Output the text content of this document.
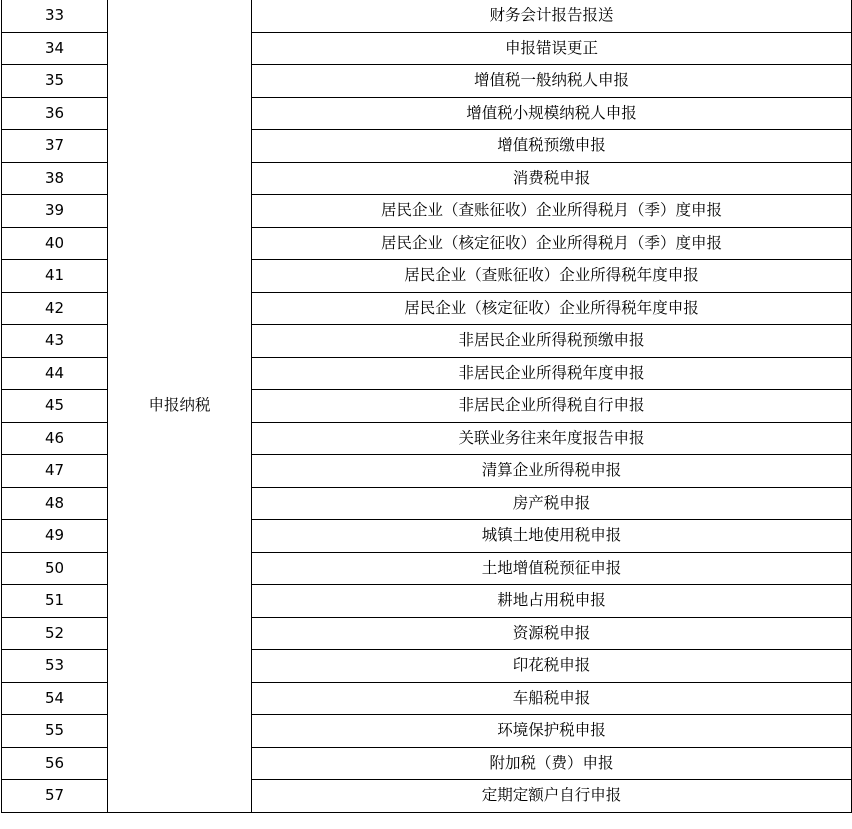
33	申报纳税	财务会计报告报送
34		申报错误更正
35		增值税一般纳税人申报
36		增值税小规模纳税人申报
37		增值税预缴申报
38		消费税申报
39		居民企业（查账征收）企业所得税月（季）度申报
40		居民企业（核定征收）企业所得税月（季）度申报
41		居民企业（查账征收）企业所得税年度申报
42		居民企业（核定征收）企业所得税年度申报
43		非居民企业所得税预缴申报
44		非居民企业所得税年度申报
45		非居民企业所得税自行申报
46		关联业务往来年度报告申报
47		清算企业所得税申报
48		房产税申报
49		城镇土地使用税申报
50		土地增值税预征申报
51		耕地占用税申报
52		资源税申报
53		印花税申报
54		车船税申报
55		环境保护税申报
56		附加税（费）申报
57		定期定额户自行申报
